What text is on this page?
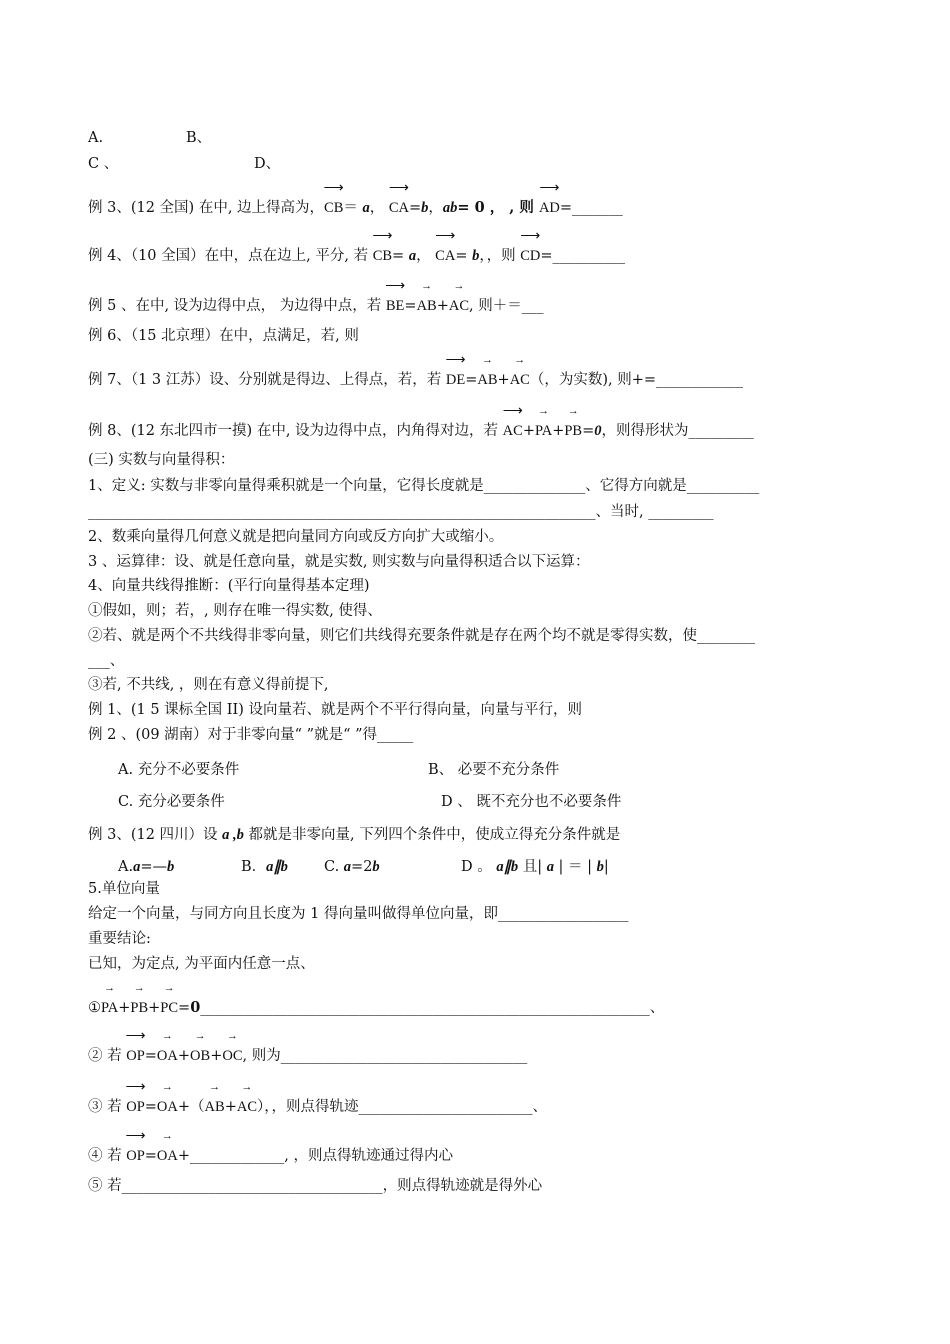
A.	B、
C 、	D、
例 3、(12 全国) 在中, 边上得高为，⟶ CB＝ a， ⟶ CA=b，ab= 0 ， , 则 ⟶ AD=_______
例 4、（10 全国）在中，点在边上, 平分, 若 ⟶ CB= a， ⟶ CA= b，，则 ⟶ CD=__________
例 5 、在中, 设为边得中点， 为边得中点，若 ⟶ BE=→ AB+→ AC, 则＋＝___
例 6、（15 北京理）在中，点满足，若, 则
例 7、（1 3 江苏）设、分别就是得边、上得点，若，若 ⟶ DE=→ AB+→ AC（，为实数), 则+=____________
例 8、(12 东北四市一摸) 在中, 设为边得中点，内角得对边，若 ⟶ AC+→ PA+→ PB=0，则得形状为_________
(三) 实数与向量得积：
1、定义: 实数与非零向量得乘积就是一个向量，它得长度就是______________、它得方向就是__________
______________________________________________________________________、当时, _________
2、数乘向量得几何意义就是把向量同方向或反方向扩大或缩小。
3 、运算律：设、就是任意向量，就是实数, 则实数与向量得积适合以下运算：
4、向量共线得推断：(平行向量得基本定理)
①假如，则；若，, 则存在唯一得实数, 使得、
②若、就是两个不共线得非零向量，则它们共线得充要条件就是存在两个均不就是零得实数，使________
___、
③若, 不共线, ，则在有意义得前提下,
例 1、(1 5 课标全国 II) 设向量若、就是两个不平行得向量，向量与平行，则
例 2 、(09 湖南）对于非零向量“ ”就是“ ”得_____
A. 充分不必要条件	B、 必要不充分条件
C. 充分必要条件	D 、 既不充分也不必要条件
例 3、(12 四川）设 a ,b 都就是非零向量, 下列四个条件中，使成立得充分条件就是
A.a=—b	B．a∥b C. a=2b	D 。 a∥b 且| a | ＝ | b|
5.单位向量
给定一个向量，与同方向且长度为 1 得向量叫做得单位向量，即__________________
重要结论:
已知，为定点, 为平面内任意一点、
①→ PA+→ PB+→ PC=0______________________________________________________________、
② 若 ⟶ OP=→ OA+→ OB+→ OC, 则为__________________________________
③ 若 ⟶ OP=→ OA+（→ AB+→ AC），，则点得轨迹________________________、
④ 若 ⟶ OP=→ OA+_____________, ，则点得轨迹通过得内心
⑤ 若____________________________________，则点得轨迹就是得外心
